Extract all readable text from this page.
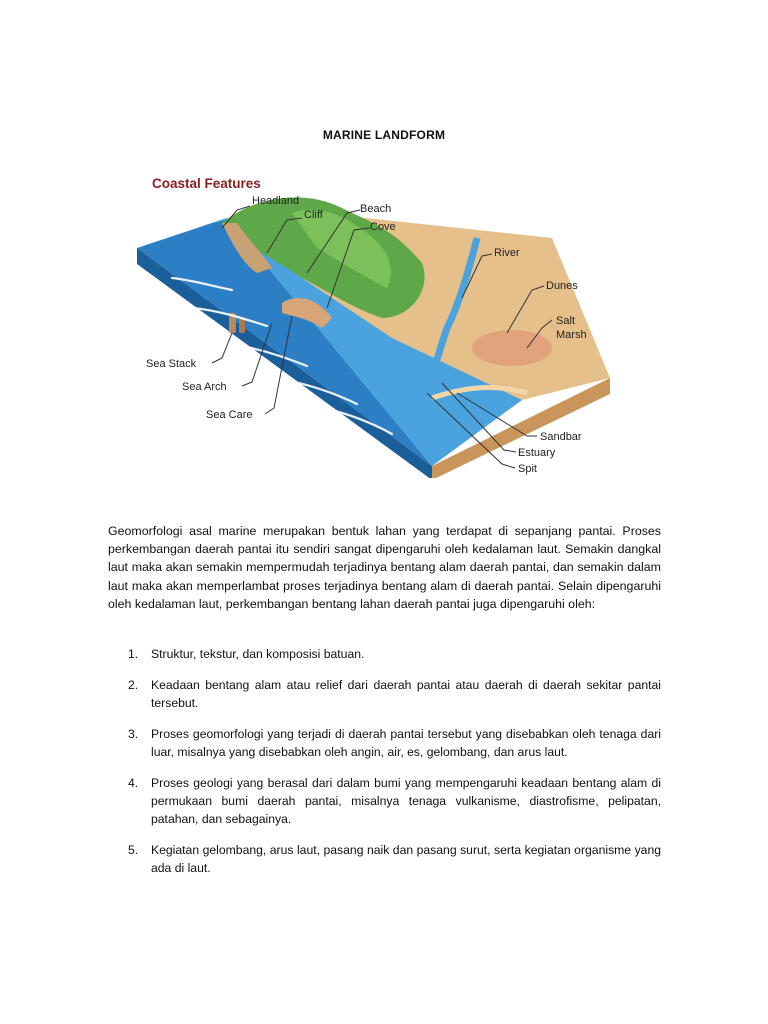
MARINE LANDFORM
Coastal Features
Headland
Cliff	Beach
Cove
River
Dunes
Salt
Marsh
Sea Stack
Sea Arch
Sea Care
Sandbar
Estuary
Spit
Geomorfologi asal marine merupakan bentuk lahan yang terdapat di sepanjang pantai. Proses perkembangan daerah pantai itu sendiri sangat dipengaruhi oleh kedalaman laut. Semakin dangkal laut maka akan semakin mempermudah terjadinya bentang alam daerah pantai, dan semakin dalam laut maka akan memperlambat proses terjadinya bentang alam di daerah pantai. Selain dipengaruhi oleh kedalaman laut, perkembangan bentang lahan daerah pantai juga dipengaruhi oleh:
1. Struktur, tekstur, dan komposisi batuan.
2. Keadaan bentang alam atau relief dari daerah pantai atau daerah di daerah sekitar pantai tersebut.
3. Proses geomorfologi yang terjadi di daerah pantai tersebut yang disebabkan oleh tenaga dari luar, misalnya yang disebabkan oleh angin, air, es, gelombang, dan arus laut.
4. Proses geologi yang berasal dari dalam bumi yang mempengaruhi keadaan bentang alam di permukaan bumi daerah pantai, misalnya tenaga vulkanisme, diastrofisme, pelipatan, patahan, dan sebagainya.
5. Kegiatan gelombang, arus laut, pasang naik dan pasang surut, serta kegiatan organisme yang ada di laut.
